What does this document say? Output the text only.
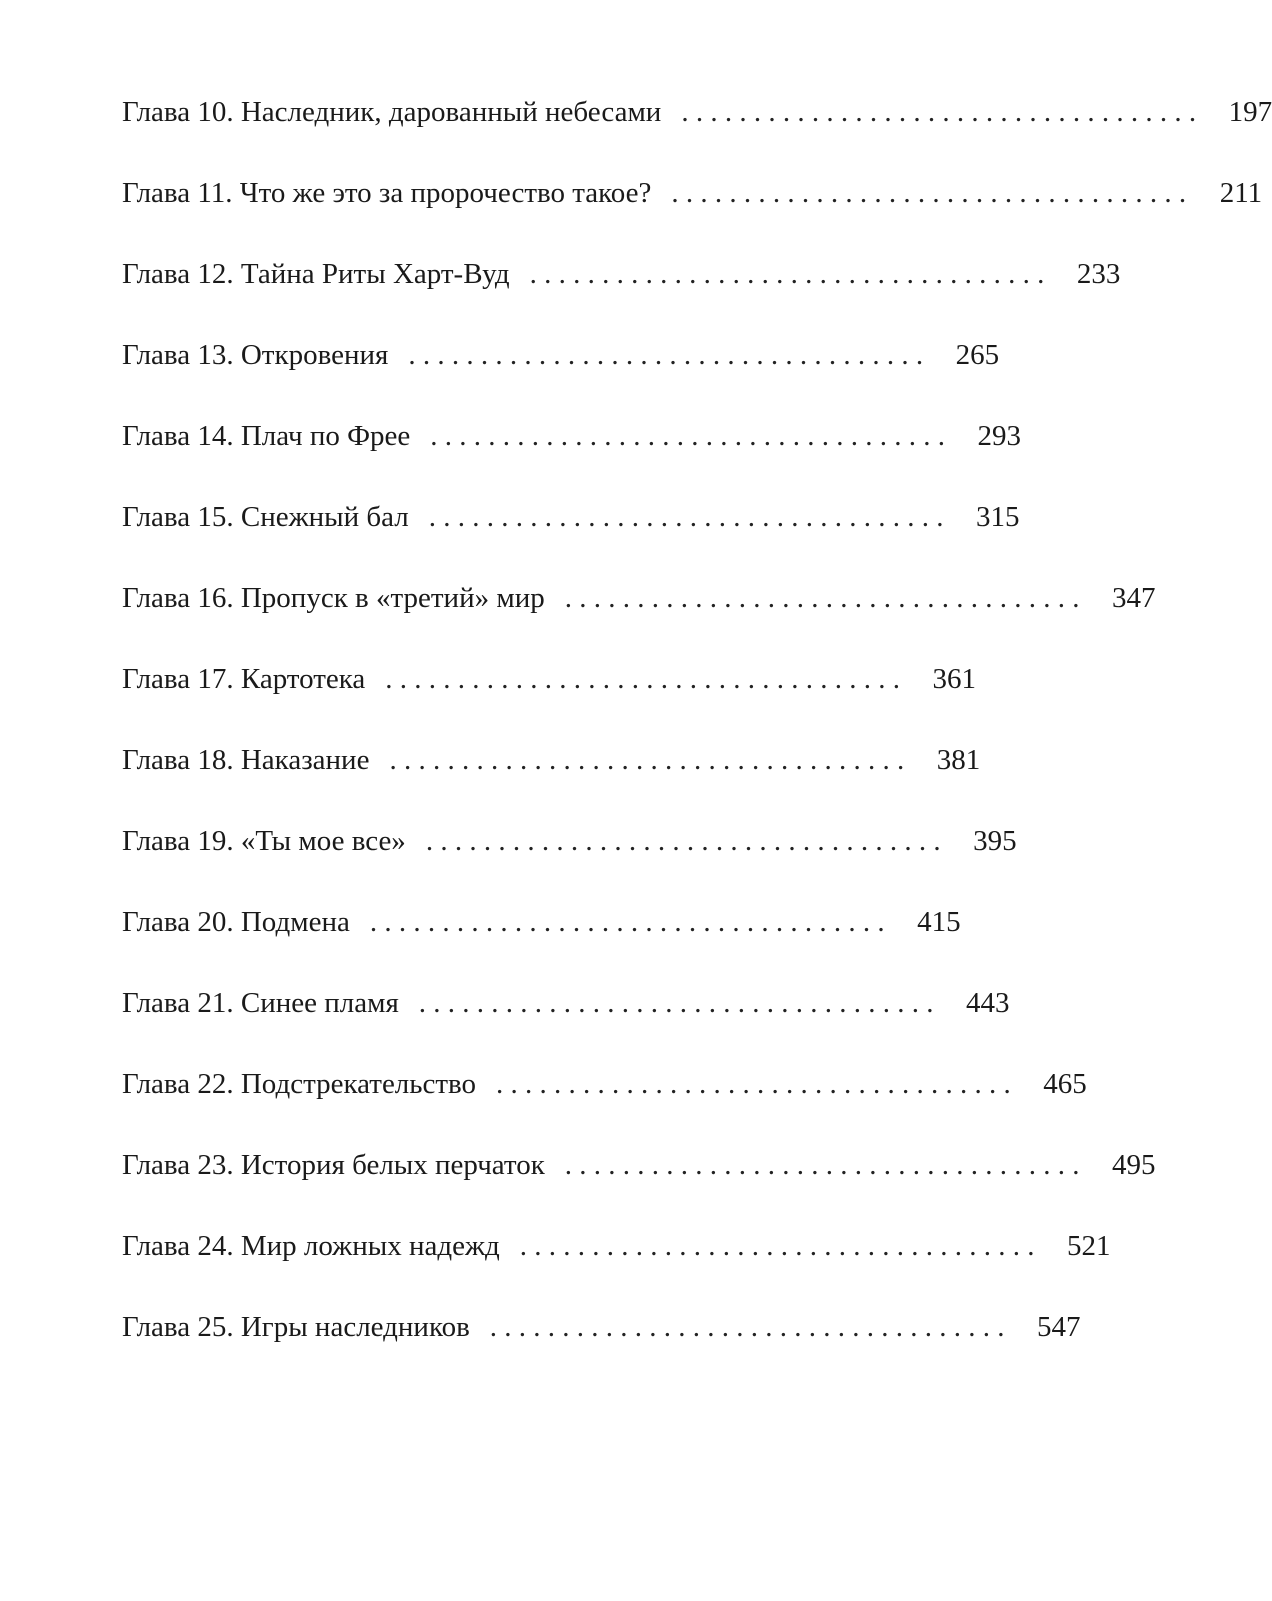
Глава 10. Наследник, дарованный небесами . . . . . . . . . . . . . . . . . . . . . . . . . . . . . . . . . . . .	197
Глава 11. Что же это за пророчество такое? . . . . . . . . . . . . . . . . . . . . . . . . . . . . . . . . . . . .	211
Глава 12. Тайна Риты Харт-Вуд . . . . . . . . . . . . . . . . . . . . . . . . . . . . . . . . . . . .	233
Глава 13. Откровения . . . . . . . . . . . . . . . . . . . . . . . . . . . . . . . . . . . .	265
Глава 14. Плач по Фрее . . . . . . . . . . . . . . . . . . . . . . . . . . . . . . . . . . . .	293
Глава 15. Снежный бал . . . . . . . . . . . . . . . . . . . . . . . . . . . . . . . . . . . .	315
Глава 16. Пропуск в «третий» мир . . . . . . . . . . . . . . . . . . . . . . . . . . . . . . . . . . . .	347
Глава 17. Картотека . . . . . . . . . . . . . . . . . . . . . . . . . . . . . . . . . . . .	361
Глава 18. Наказание . . . . . . . . . . . . . . . . . . . . . . . . . . . . . . . . . . . .	381
Глава 19. «Ты мое все» . . . . . . . . . . . . . . . . . . . . . . . . . . . . . . . . . . . .	395
Глава 20. Подмена . . . . . . . . . . . . . . . . . . . . . . . . . . . . . . . . . . . .	415
Глава 21. Синее пламя . . . . . . . . . . . . . . . . . . . . . . . . . . . . . . . . . . . .	443
Глава 22. Подстрекательство . . . . . . . . . . . . . . . . . . . . . . . . . . . . . . . . . . . .	465
Глава 23. История белых перчаток . . . . . . . . . . . . . . . . . . . . . . . . . . . . . . . . . . . .	495
Глава 24. Мир ложных надежд . . . . . . . . . . . . . . . . . . . . . . . . . . . . . . . . . . . .	521
Глава 25. Игры наследников . . . . . . . . . . . . . . . . . . . . . . . . . . . . . . . . . . . .	547
